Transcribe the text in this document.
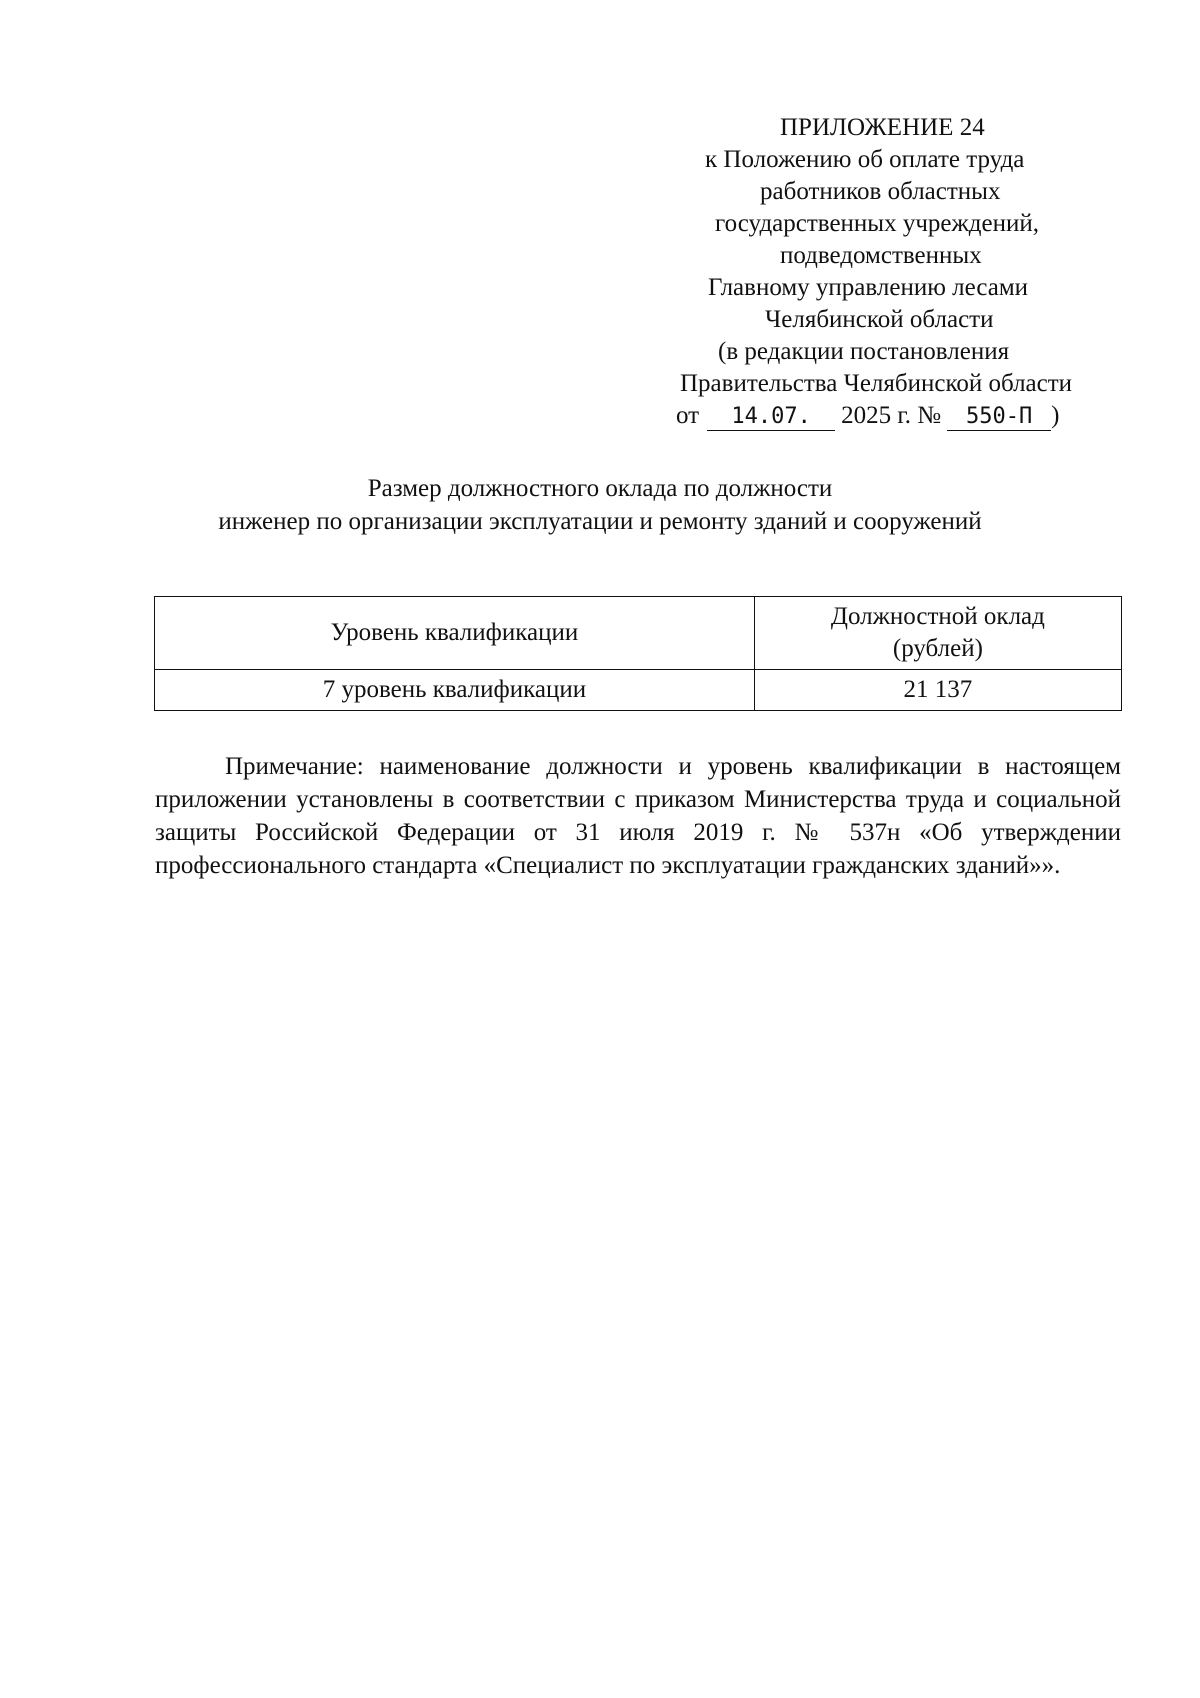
ПРИЛОЖЕНИЕ 24
к Положению об оплате труда
работников областных
государственных учреждений,
подведомственных
Главному управлению лесами
Челябинской области
(в редакции постановления
Правительства Челябинской области
от 14.07. 2025 г. № 550-П )
Размер должностного оклада по должности
инженер по организации эксплуатации и ремонту зданий и сооружений
Уровень квалификации	Должностной оклад
(рублей)
7 уровень квалификации	21 137
Примечание: наименование должности и уровень квалификации в настоящем приложении установлены в соответствии с приказом Министерства труда и социальной защиты Российской Федерации от 31 июля 2019 г. № 537н «Об утверждении профессионального стандарта «Специалист по эксплуатации гражданских зданий»».
